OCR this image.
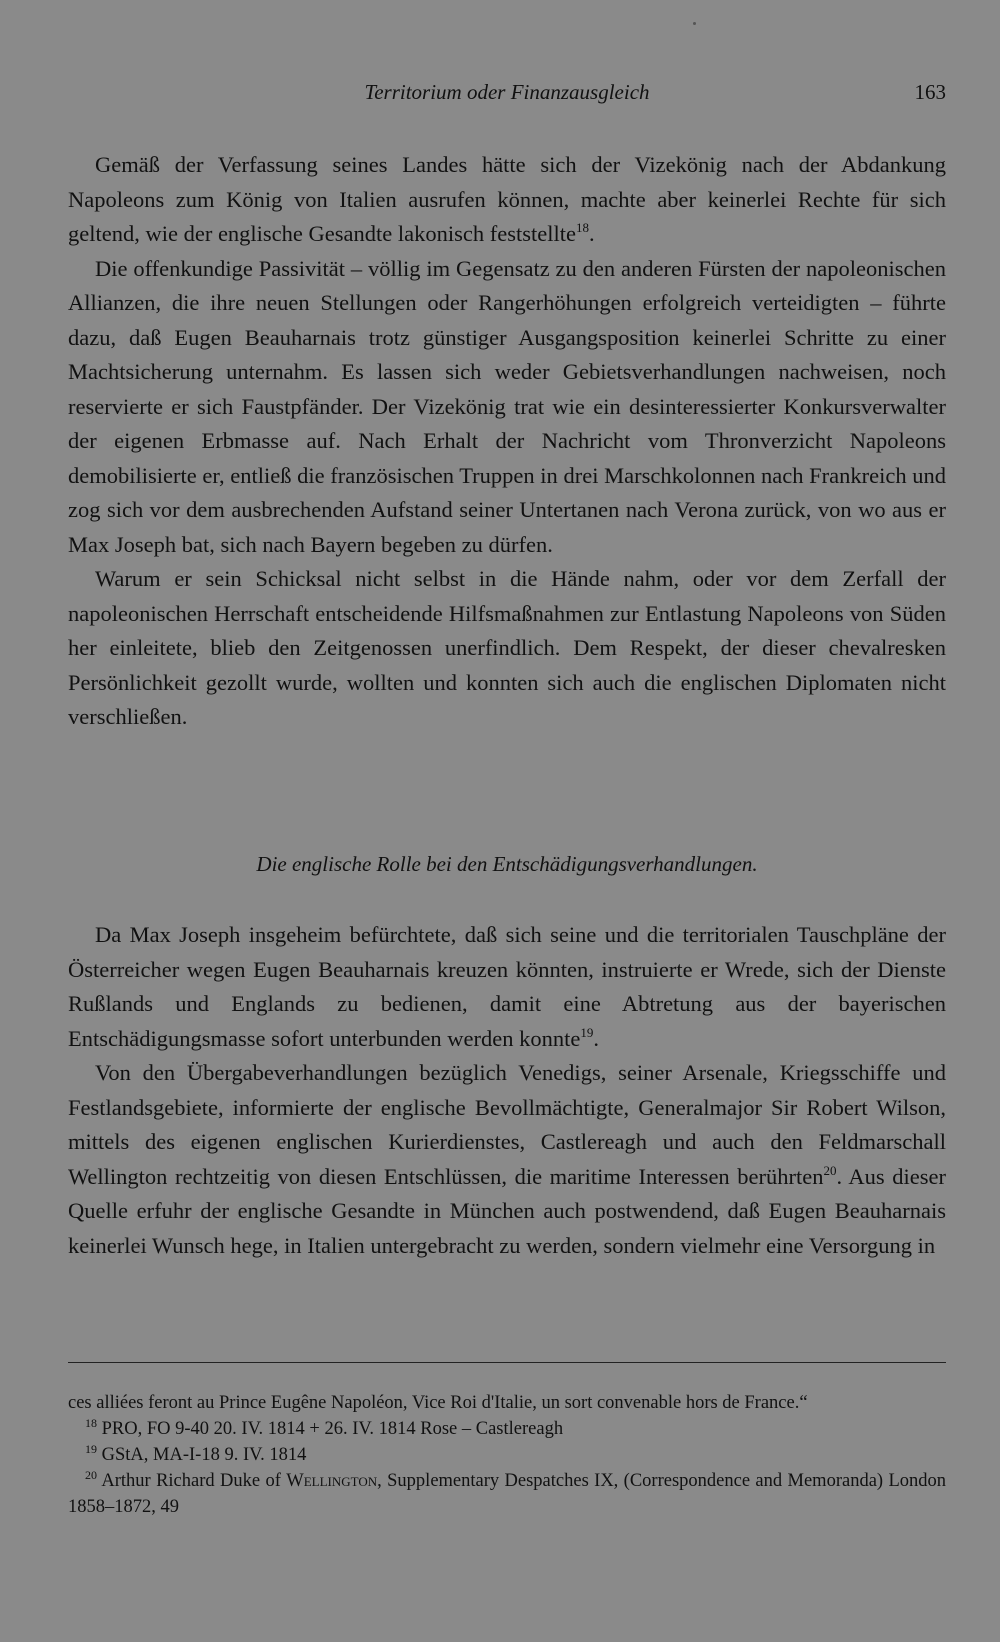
Territorium oder Finanzausgleich	163

Gemäß der Verfassung seines Landes hätte sich der Vizekönig nach der Abdankung Napoleons zum König von Italien ausrufen können, machte aber keinerlei Rechte für sich geltend, wie der englische Gesandte lakonisch feststellte$^{18}$.

Die offenkundige Passivität – völlig im Gegensatz zu den anderen Fürsten der napoleonischen Allianzen, die ihre neuen Stellungen oder Rangerhöhungen erfolgreich verteidigten – führte dazu, daß Eugen Beauharnais trotz günstiger Ausgangsposition keinerlei Schritte zu einer Machtsicherung unternahm. Es lassen sich weder Gebietsverhandlungen nachweisen, noch reservierte er sich Faustpfänder. Der Vizekönig trat wie ein desinteressierter Konkursverwalter der eigenen Erbmasse auf. Nach Erhalt der Nachricht vom Thronverzicht Napoleons demobilisierte er, entließ die französischen Truppen in drei Marschkolonnen nach Frankreich und zog sich vor dem ausbrechenden Aufstand seiner Untertanen nach Verona zurück, von wo aus er Max Joseph bat, sich nach Bayern begeben zu dürfen.

Warum er sein Schicksal nicht selbst in die Hände nahm, oder vor dem Zerfall der napoleonischen Herrschaft entscheidende Hilfsmaßnahmen zur Entlastung Napoleons von Süden her einleitete, blieb den Zeitgenossen unerfindlich. Dem Respekt, der dieser chevalresken Persönlichkeit gezollt wurde, wollten und konnten sich auch die englischen Diplomaten nicht verschließen.

Die englische Rolle bei den Entschädigungsverhandlungen.

Da Max Joseph insgeheim befürchtete, daß sich seine und die territorialen Tauschpläne der Österreicher wegen Eugen Beauharnais kreuzen könnten, instruierte er Wrede, sich der Dienste Rußlands und Englands zu bedienen, damit eine Abtretung aus der bayerischen Entschädigungsmasse sofort unterbunden werden konnte$^{19}$.

Von den Übergabeverhandlungen bezüglich Venedigs, seiner Arsenale, Kriegsschiffe und Festlandsgebiete, informierte der englische Bevollmächtigte, Generalmajor Sir Robert Wilson, mittels des eigenen englischen Kurierdienstes, Castlereagh und auch den Feldmarschall Wellington rechtzeitig von diesen Entschlüssen, die maritime Interessen berührten$^{20}$. Aus dieser Quelle erfuhr der englische Gesandte in München auch postwendend, daß Eugen Beauharnais keinerlei Wunsch hege, in Italien untergebracht zu werden, sondern vielmehr eine Versorgung in

ces alliées feront au Prince Eugêne Napoléon, Vice Roi d'Italie, un sort convenable hors de France.“

$^{18}$ PRO, FO 9-40 20. IV. 1814 + 26. IV. 1814 Rose – Castlereagh

$^{19}$ GStA, MA-I-18 9. IV. 1814

$^{20}$ Arthur Richard Duke of Wellington, Supplementary Despatches IX, (Correspondence and Memoranda) London 1858–1872, 49
